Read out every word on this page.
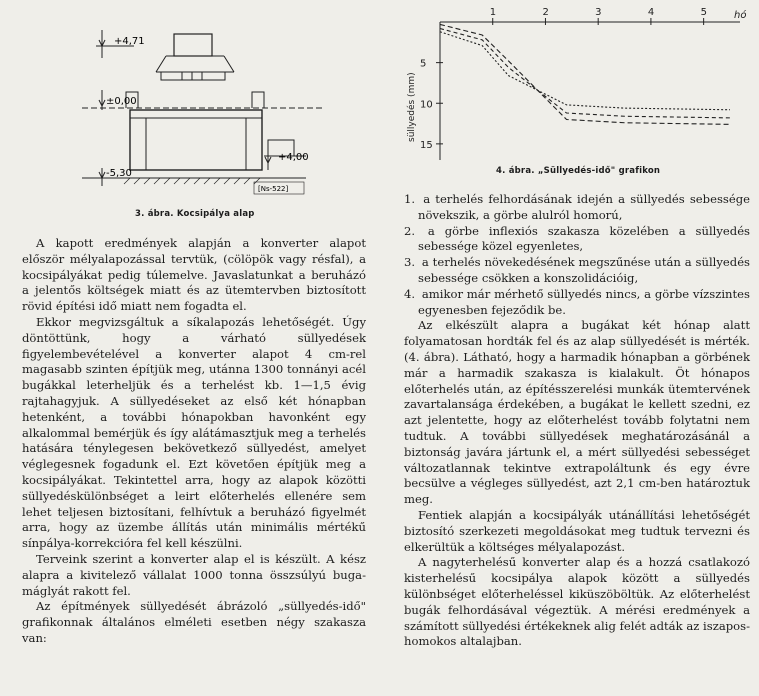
+4,71
±0,00
+4,00
-5,30
[Ns-522]
3. ábra. Kocsipálya alap
1	2	3	4	5	hó
5
10
15
süllyedés (mm)
4. ábra. „Süllyedés-idő" grafikon

A kapott eredmények alapján a konverter alapot először mélyalapozással tervtük, (cölöpök vagy résfal), a kocsipályákat pedig túlemelve. Javaslatunkat a beruházó a jelentős költségek miatt és az ütemtervben biztosított rövid építési idő miatt nem fogadta el.

Ekkor megvizsgáltuk a síkalapozás lehetőségét. Úgy döntöttünk, hogy a várható süllyedések figyelembevételével a konverter alapot 4 cm-rel magasabb szinten építjük meg, utánna 1300 tonnányi acél bugákkal leterheljük és a terhelést kb. 1—1,5 évig rajtahagyjuk. A süllyedéseket az első két hónapban hetenként, a további hónapokban havonként egy alkalommal bemérjük és így alátámasztjuk meg a terhelés hatására ténylegesen bekövetkező süllyedést, amelyet véglegesnek fogadunk el. Ezt követően építjük meg a kocsipályákat. Tekintettel arra, hogy az alapok közötti süllyedéskülönbséget a leirt előterhelés ellenére sem lehet teljesen biztosítani, felhívtuk a beruházó figyelmét arra, hogy az üzembe állítás után minimális mértékű sínpálya-korrekcióra fel kell készülni.

Terveink szerint a konverter alap el is készült. A kész alapra a kivitelező vállalat 1000 tonna összsúlyú buga-máglyát rakott fel.

Az építmények süllyedését ábrázoló „süllyedés-idő" grafikonnak általános elméleti esetben négy szakasza van:

1. a terhelés felhordásának idején a süllyedés sebessége növekszik, a görbe alulról homorú,

2. a görbe inflexiós szakasza közelében a süllyedés sebessége közel egyenletes,

3. a terhelés növekedésének megszűnése után a süllyedés sebessége csökken a konszolidációig,

4. amikor már mérhető süllyedés nincs, a görbe vízszintes egyenesben fejeződik be.

Az elkészült alapra a bugákat két hónap alatt folyamatosan hordták fel és az alap süllyedését is mérték. (4. ábra). Látható, hogy a harmadik hónapban a görbének már a harmadik szakasza is kialakult. Öt hónapos előterhelés után, az építésszerelési munkák ütemtervének zavartalansága érdekében, a bugákat le kellett szedni, ez azt jelentette, hogy az előterhelést tovább folytatni nem tudtuk. A további süllyedések meghatározásánál a biztonság javára jártunk el, a mért süllyedési sebességet változatlannak tekintve extrapoláltunk és egy évre becsülve a végleges süllyedést, azt 2,1 cm-ben határoztuk meg.

Fentiek alapján a kocsipályák utánállítási lehetőségét biztosító szerkezeti megoldásokat meg tudtuk tervezni és elkerültük a költséges mélyalapozást.

A nagyterhelésű konverter alap és a hozzá csatlakozó kisterhelésű kocsipálya alapok között a süllyedés különbséget előterheléssel kiküszöböltük. Az előterhelést bugák felhordásával végeztük. A mérési eredmények a számított süllyedési értékeknek alig felét adták az iszapos-homokos altalajban.
